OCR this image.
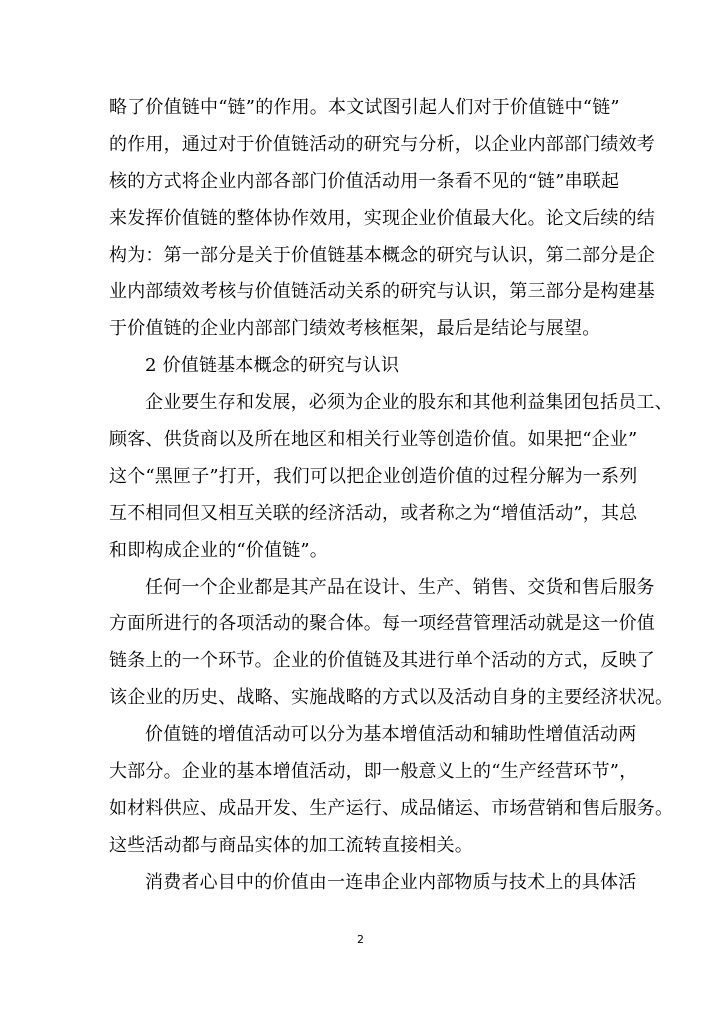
略了价值链中“链”的作用。本文试图引起人们对于价值链中“链”
的作用，通过对于价值链活动的研究与分析，以企业内部部门绩效考
核的方式将企业内部各部门价值活动用一条看不见的“链”串联起
来发挥价值链的整体协作效用，实现企业价值最大化。论文后续的结
构为：第一部分是关于价值链基本概念的研究与认识，第二部分是企
业内部绩效考核与价值链活动关系的研究与认识，第三部分是构建基
于价值链的企业内部部门绩效考核框架，最后是结论与展望。
2 价值链基本概念的研究与认识
企业要生存和发展，必须为企业的股东和其他利益集团包括员工、
顾客、供货商以及所在地区和相关行业等创造价值。如果把“企业”
这个“黑匣子”打开，我们可以把企业创造价值的过程分解为一系列
互不相同但又相互关联的经济活动，或者称之为“增值活动”，其总
和即构成企业的“价值链”。
任何一个企业都是其产品在设计、生产、销售、交货和售后服务
方面所进行的各项活动的聚合体。每一项经营管理活动就是这一价值
链条上的一个环节。企业的价值链及其进行单个活动的方式，反映了
该企业的历史、战略、实施战略的方式以及活动自身的主要经济状况。
价值链的增值活动可以分为基本增值活动和辅助性增值活动两
大部分。企业的基本增值活动，即一般意义上的“生产经营环节”，
如材料供应、成品开发、生产运行、成品储运、市场营销和售后服务。
这些活动都与商品实体的加工流转直接相关。
消费者心目中的价值由一连串企业内部物质与技术上的具体活
2
